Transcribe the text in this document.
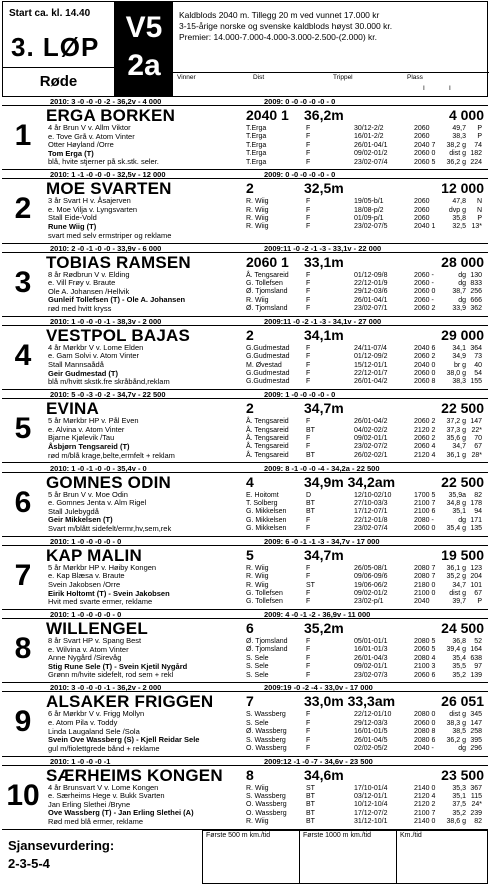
Start ca. kl. 14.40
3. LØP
Røde
V5
2a
Kaldblods 2040 m. Tillegg 20 m ved vunnet 17.000 kr
3-15-årige norske og svenske kaldblods høyst 30.000 kr.
Premier: 14.000-7.000-4.000-3.000-2.500-(2.000) kr.
Vinner	Dist	Trippel	Plass
I	I
2010: 3 -0 -0 -0 -2 - 36,2v - 4 000	2009: 0 -0 -0 -0 -0 - 0
ERGA BORKEN
1	4 år Brun V v. Allm Viktor
e. Tove Grå v. Atom Vinter
Otter Høyland /Orre
Tom Erga (T)
blå, hvite stjerner på sk.stk. seler.
2040 1 36,2m	4 000
T.Erga	F	30/12-2/2	2060	49,7	P
T.Erga	F	16/01-2/2	2060	38,3	P
T.Erga	F	26/01-04/1	2040 7	38,2 g	74
T.Erga	F	09/02-01/2	2060 0	dist g 182
T.Erga	F	23/02-07/4	2060 5	36,2 g 224
2010: 1 -1 -0 -0 -0 - 32,5v - 12 000	2009: 0 -0 -0 -0 -0 - 0
MOE SVARTEN
2	3 år Svart H v. Åsajerven
e. Moe Vilja v. Lyngsvarten
Stall Eide-Vold
Rune Wiig (T)
svart med selv ermstriper og reklame
2	32,5m	12 000
R. Wiig	F	19/05-b/1	2060	47,8	N
R. Wiig	F	18/08-p/2	2060	dvp g	N
R. Wiig	F	01/09-p/1	2060	35,8	P
R. Wiig	F	23/02-07/5	2040 1	32,5 13*
2010: 2 -0 -1 -0 -0 - 33,9v - 6 000	2009:11 -0 -2 -1 -3 - 33,1v - 22 000
TOBIAS RAMSEN
3	8 år Rødbrun V v. Elding
e. Vill Frøy v. Braute
Ole A. Johansen /Hellvik
Gunleif Tollefsen (T) - Ole A. Johansen
rød med hvitt kryss
2060 1 33,1m	28 000
Å. Tengsareid F	01/12-09/8	2060 -	dg 130
G. Tollefsen	F	22/12-01/9	2060 -	dg 833
Ø. Tjomsland	F	29/12-03/6	2060 0	38,7 256
R. Wiig	F	26/01-04/1	2060 -	dg 666
Ø. Tjomsland	F	23/02-07/1	2060 2	33,9 362
2010: 1 -0 -0 -0 -1 - 38,3v - 2 000	2009:11 -0 -2 -1 -3 - 34,1v - 27 000
VESTPOL BAJAS
4	4 år Mørkbr V v. Lome Elden
e. Gam Solvi v. Atom Vinter
Stall Mannsaådå
Geir Gudmestad (T)
blå m/hvitt skstk.fre skråbånd,reklam
2	34,1m	29 000
G.Gudmestad F	24/11-07/4	2040 6	34,1 364
G.Gudmestad F	01/12-09/2	2060 2	34,9	73
M. Øvestad	F	15/12-01/1	2040 0	br g	40
G.Gudmestad F	22/12-01/7	2060 0	38,0 g	54
G.Gudmestad F	26/01-04/2	2060 8	38,3 155
2010: 5 -0 -3 -0 -2 - 34,7v - 22 500	2009: 1 -0 -0 -0 -0 - 0
EVINA
5	5 år Mørkbr HP v. Pål Even
e. Alvina v. Atom Vinter
Bjarne Kjølevik /Tau
Åsbjørn Tengsareid (T)
rød m/blå krage,belte,ermfelt + reklam
2	34,7m	22 500
Å. Tengsareid F	26/01-04/2	2060 2	37,2 g 147
Å. Tengsareid BT	04/02-02/2	2120 2	37,3 g 22*
Å. Tengsareid F	09/02-01/1	2060 2	35,6 g	70
Å. Tengsareid F	23/02-07/2	2060 4	34,7	67
Å. Tengsareid BT	26/02-02/1	2120 4	36,1 g 28*
2010: 1 -0 -1 -0 -0 - 35,4v - 0	2009: 8 -1 -0 -0 -4 - 34,2a - 22 500
GOMNES ODIN
6	5 år Brun V v. Moe Odin
e. Gomnes Jenta v. Alm Rigel
Stall Julebygdå
Geir Mikkelsen (T)
Svart m/blått sidefelt/ermr,hv,sem,rek
4	34,9m 34,2am	22 500
E. Hoitomt	D	12/10-02/10	1700 5	35,9a	82
T. Solberg	BT	27/10-03/3	2100 7	34,8 g 178
G. Mikkelsen	BT	17/12-07/1	2100 6	35,1	94
G. Mikkelsen	F	22/12-01/8	2080 -	dg 171
G. Mikkelsen	F	23/02-07/4	2060 0	35,4 g 135
2010: 1 -0 -0 -0 -0 - 0	2009: 6 -0 -1 -1 -3 - 34,7v - 17 000
KAP MALIN
7	5 år Mørkbr HP v. Høiby Kongen
e. Kap Blæsa v. Braute
Svein Jakobsen /Orre
Eirik Holtomt (T) - Svein Jakobsen
Hvit med svarte ermer, reklame
5	34,7m	19 500
R. Wiig	F	26/05-08/1	2080 7	36,1 g 123
R. Wiig	F	09/06-09/6	2080 7	35,2 g 204
R. Wiig	ST	19/06-06/2	2180 0	34,7 101
G. Tollefsen	F	09/02-01/2	2100 0	dist g	67
G. Tollefsen	F	23/02-p/1	2040	39,7	P
2010: 1 -0 -0 -0 -0 - 0	2009: 4 -0 -1 -2 - 36,9v - 11 000
WILLENGEL
8	8 år Svart HP v. Spang Best
e. Wilvina v. Atom Vinter
Anne Nygård /Sirevåg
Stig Rune Sele (T) - Svein Kjetil Nygård
Grønn m/hvite sidefelt, rod sem + rekl
6	35,2m	24 500
Ø. Tjomsland	F	05/01-01/1	2080 5	36,8	52
Ø. Tjomsland	F	16/01-01/3	2060 5	39,4 g 164
S. Sele	F	26/01-04/3	2080 4	35,4 638
S. Sele	F	09/02-01/1	2100 3	35,5	97
S. Sele	F	23/02-07/3	2060 6	35,2 139
2010: 3 -0 -0 -0 -1 - 36,2v - 2 000	2009:19 -0 -2 -4 - 33,0v - 17 000
ALSAKER FRIGGEN
9	6 år Mørkbr V v. Frigg Mollyn
e. Atom Pila v. Toddy
Linda Laugaland Sele /Sola
Svein Ove Wassberg (S) - Kjell Reidar Sele
gul m/fiolettgrede bånd + reklame
7	33,0m 33,3am	26 051
S. Wassberg	F	22/12-01/10	2080 0	dist g 345
S. Sele	F	29/12-03/3	2060 0	38,3 g 147
Ø. Wassberg	F	16/01-01/5	2080 8	38,5 258
S. Wassberg	F	26/01-04/5	2080 6	36,2 g 395
O. Wassberg	F	02/02-05/2	2040 -	dg 296
2010: 1 -0 -0 -0 -1	2009:12 -1 -0 -7 - 34,6v - 23 500
SÆRHEIMS KONGEN
10 4 år Brunsvart V v. Lome Kongen
e. Særheims Hege v. Bukk Svarten
Jan Erling Slethei /Bryne
Ove Wassberg (T) - Jan Erling Slethei (A)
Rød med blå ermer, reklame
8	34,6m	23 500
R. Wiig	ST	17/10-01/4	2140 0	35,3 367
S. Wassberg	BT	03/12-01/1	2120 4	35,1 115
O. Wassberg	BT	10/12-10/4	2120 2	37,5 24*
O. Wassberg	BT	17/12-07/2	2100 7	35,2 239
R. Wiig	BT	31/12-10/1	2140 0	38,6 g	82
Sjansevurdering:
2-3-5-4
Første 500 m km./tid	Første 1000 m km./tid	Km./tid
